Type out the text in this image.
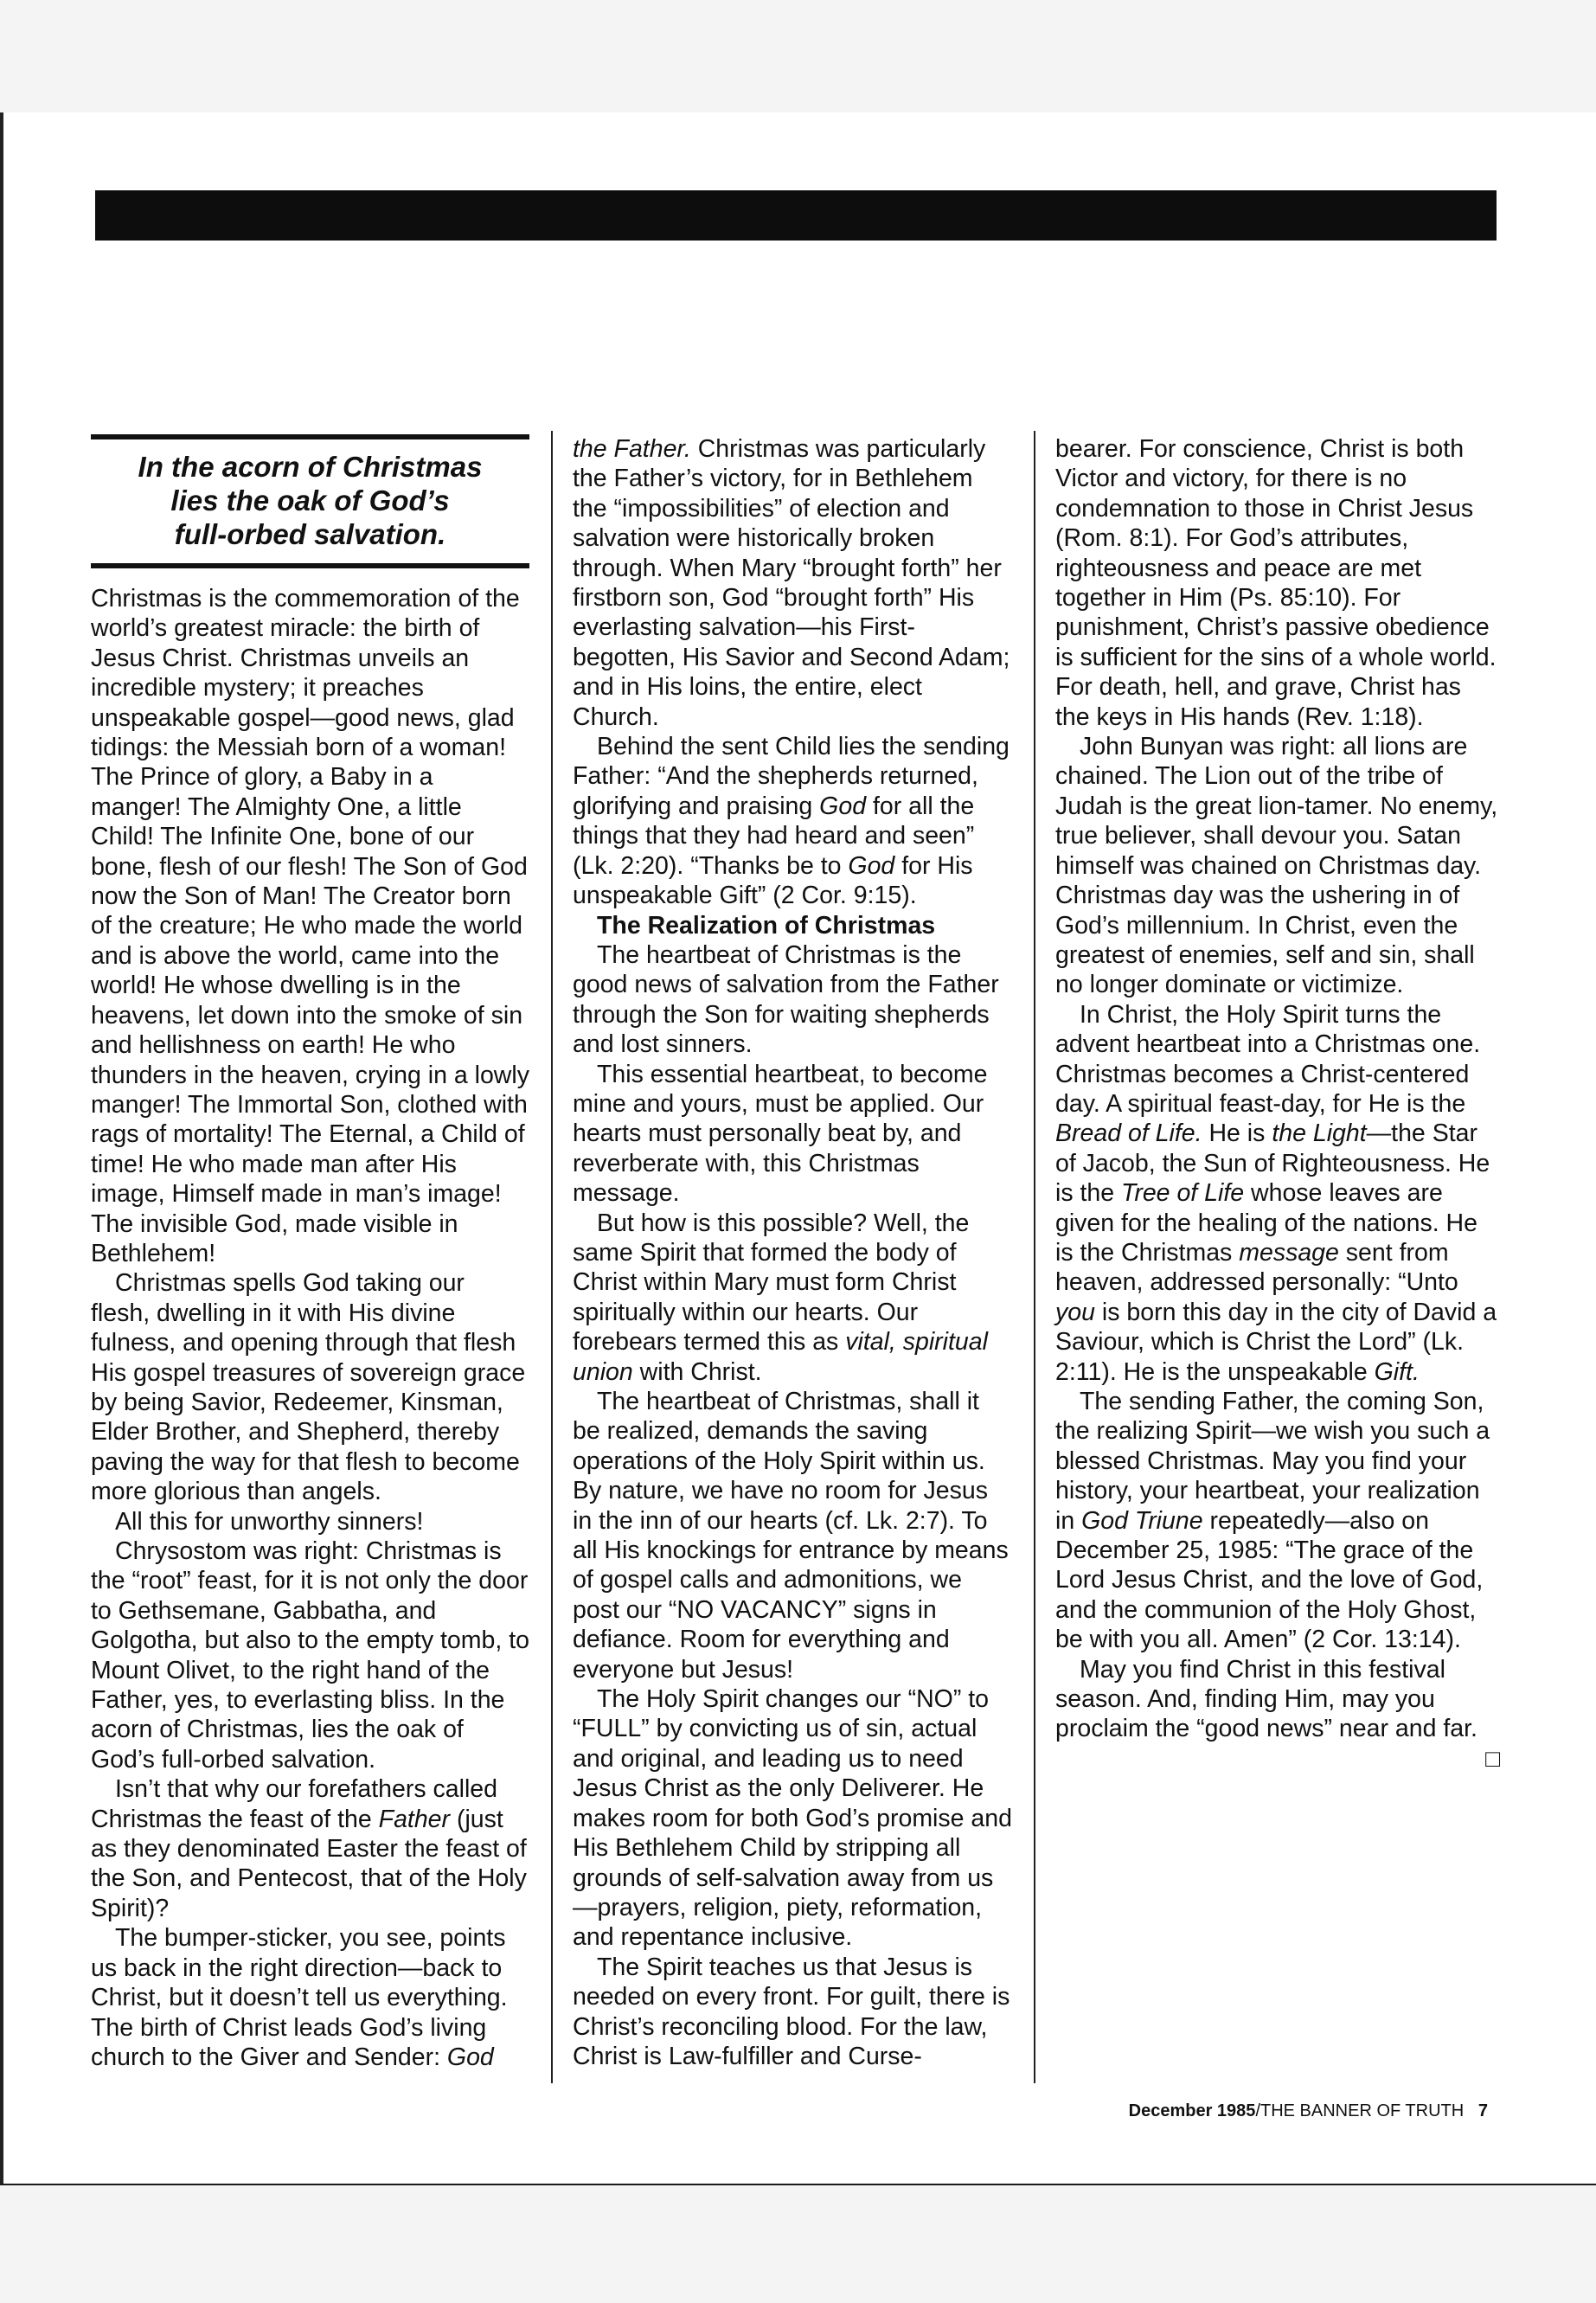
In the acorn of Christmas
lies the oak of God’s
full-orbed salvation.

Christmas is the commemoration of the world’s greatest miracle: the birth of Jesus Christ. Christmas unveils an incredible mystery; it preaches unspeakable gospel—good news, glad tidings: the Messiah born of a woman! The Prince of glory, a Baby in a manger! The Almighty One, a little Child! The Infinite One, bone of our bone, flesh of our flesh! The Son of God now the Son of Man! The Creator born of the creature; He who made the world and is above the world, came into the world! He whose dwelling is in the heavens, let down into the smoke of sin and hellishness on earth! He who thunders in the heaven, crying in a lowly manger! The Immortal Son, clothed with rags of mortality! The Eternal, a Child of time! He who made man after His image, Himself made in man’s image! The invisible God, made visible in Bethlehem!

Christmas spells God taking our flesh, dwelling in it with His divine fulness, and opening through that flesh His gospel treasures of sovereign grace by being Savior, Redeemer, Kinsman, Elder Brother, and Shepherd, thereby paving the way for that flesh to become more glorious than angels.

All this for unworthy sinners!

Chrysostom was right: Christmas is the “root” feast, for it is not only the door to Gethsemane, Gabbatha, and Golgotha, but also to the empty tomb, to Mount Olivet, to the right hand of the Father, yes, to everlasting bliss. In the acorn of Christmas, lies the oak of God’s full-orbed salvation.

Isn’t that why our forefathers called Christmas the feast of the Father (just as they denominated Easter the feast of the Son, and Pentecost, that of the Holy Spirit)?

The bumper-sticker, you see, points us back in the right direction—back to Christ, but it doesn’t tell us everything. The birth of Christ leads God’s living church to the Giver and Sender: God

the Father. Christmas was particularly the Father’s victory, for in Bethlehem the “impossibilities” of election and salvation were historically broken through. When Mary “brought forth” her firstborn son, God “brought forth” His everlasting salvation—his First-begotten, His Savior and Second Adam; and in His loins, the entire, elect Church.

Behind the sent Child lies the sending Father: “And the shepherds returned, glorifying and praising God for all the things that they had heard and seen” (Lk. 2:20). “Thanks be to God for His unspeakable Gift” (2 Cor. 9:15).

The Realization of Christmas

The heartbeat of Christmas is the good news of salvation from the Father through the Son for waiting shepherds and lost sinners.

This essential heartbeat, to become mine and yours, must be applied. Our hearts must personally beat by, and reverberate with, this Christmas message.

But how is this possible? Well, the same Spirit that formed the body of Christ within Mary must form Christ spiritually within our hearts. Our forebears termed this as vital, spiritual union with Christ.

The heartbeat of Christmas, shall it be realized, demands the saving operations of the Holy Spirit within us. By nature, we have no room for Jesus in the inn of our hearts (cf. Lk. 2:7). To all His knockings for entrance by means of gospel calls and admonitions, we post our “NO VACANCY” signs in defiance. Room for everything and everyone but Jesus!

The Holy Spirit changes our “NO” to “FULL” by convicting us of sin, actual and original, and leading us to need Jesus Christ as the only Deliverer. He makes room for both God’s promise and His Bethlehem Child by stripping all grounds of self-salvation away from us—prayers, religion, piety, reformation, and repentance inclusive.

The Spirit teaches us that Jesus is needed on every front. For guilt, there is Christ’s reconciling blood. For the law, Christ is Law-fulfiller and Curse-

bearer. For conscience, Christ is both Victor and victory, for there is no condemnation to those in Christ Jesus (Rom. 8:1). For God’s attributes, righteousness and peace are met together in Him (Ps. 85:10). For punishment, Christ’s passive obedience is sufficient for the sins of a whole world. For death, hell, and grave, Christ has the keys in His hands (Rev. 1:18).

John Bunyan was right: all lions are chained. The Lion out of the tribe of Judah is the great lion-tamer. No enemy, true believer, shall devour you. Satan himself was chained on Christmas day. Christmas day was the ushering in of God’s millennium. In Christ, even the greatest of enemies, self and sin, shall no longer dominate or victimize.

In Christ, the Holy Spirit turns the advent heartbeat into a Christmas one. Christmas becomes a Christ-centered day. A spiritual feast-day, for He is the Bread of Life. He is the Light—the Star of Jacob, the Sun of Righteousness. He is the Tree of Life whose leaves are given for the healing of the nations. He is the Christmas message sent from heaven, addressed personally: “Unto you is born this day in the city of David a Saviour, which is Christ the Lord” (Lk. 2:11). He is the unspeakable Gift.

The sending Father, the coming Son, the realizing Spirit—we wish you such a blessed Christmas. May you find your history, your heartbeat, your realization in God Triune repeatedly—also on December 25, 1985: “The grace of the Lord Jesus Christ, and the love of God, and the communion of the Holy Ghost, be with you all. Amen” (2 Cor. 13:14).

May you find Christ in this festival season. And, finding Him, may you proclaim the “good news” near and far.

□
December 1985/THE BANNER OF TRUTH 7
